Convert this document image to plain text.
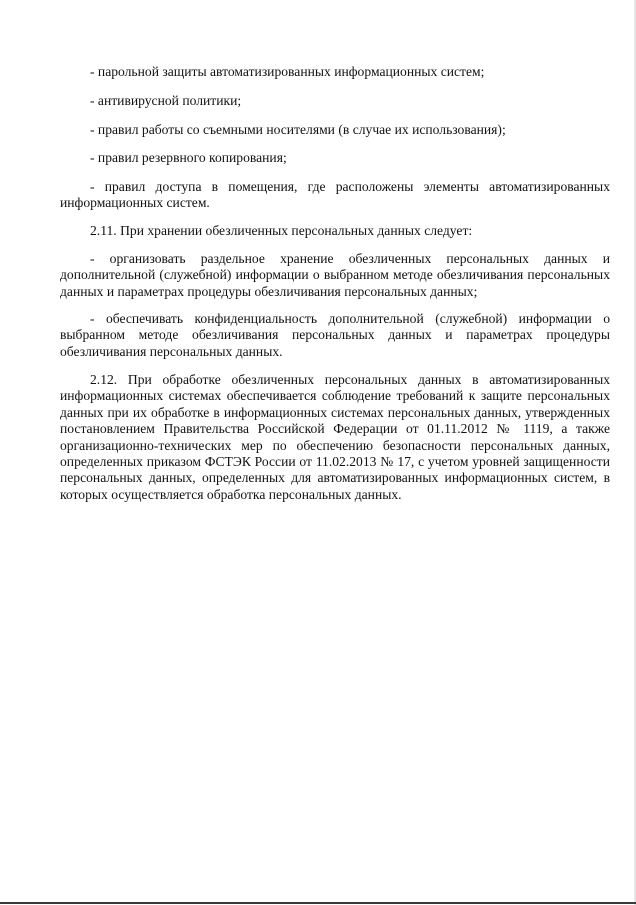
- парольной защиты автоматизированных информационных систем;

- антивирусной политики;

- правил работы со съемными носителями (в случае их использования);

- правил резервного копирования;

- правил доступа в помещения, где расположены элементы автоматизированных информационных систем.

2.11. При хранении обезличенных персональных данных следует:

- организовать раздельное хранение обезличенных персональных данных и дополнительной (служебной) информации о выбранном методе обезличивания персональных данных и параметрах процедуры обезличивания персональных данных;

- обеспечивать конфиденциальность дополнительной (служебной) информации о выбранном методе обезличивания персональных данных и параметрах процедуры обезличивания персональных данных.

2.12. При обработке обезличенных персональных данных в автоматизированных информационных системах обеспечивается соблюдение требований к защите персональных данных при их обработке в информационных системах персональных данных, утвержденных постановлением Правительства Российской Федерации от 01.11.2012 № 1119, а также организационно-технических мер по обеспечению безопасности персональных данных, определенных приказом ФСТЭК России от 11.02.2013 № 17, с учетом уровней защищенности персональных данных, определенных для автоматизированных информационных систем, в которых осуществляется обработка персональных данных.
